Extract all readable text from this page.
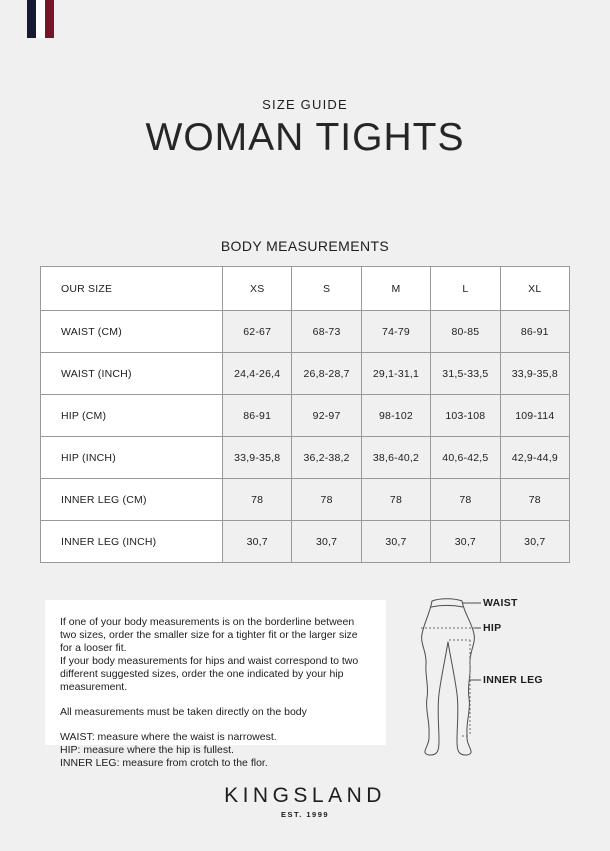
SIZE GUIDE
WOMAN TIGHTS
BODY MEASUREMENTS
OUR SIZE	XS	S	M	L	XL
WAIST (CM)	62-67	68-73	74-79	80-85	86-91
WAIST (INCH)	24,4-26,4	26,8-28,7	29,1-31,1	31,5-33,5	33,9-35,8
HIP (CM)	86-91	92-97	98-102	103-108	109-114
HIP (INCH)	33,9-35,8	36,2-38,2	38,6-40,2	40,6-42,5	42,9-44,9
INNER LEG (CM)	78	78	78	78	78
INNER LEG (INCH)	30,7	30,7	30,7	30,7	30,7

If one of your body measurements is on the borderline between two sizes, order the smaller size for a tighter fit or the larger size for a looser fit.

If your body measurements for hips and waist correspond to two different suggested sizes, order the one indicated by your hip measurement.

All measurements must be taken directly on the body

WAIST: measure where the waist is narrowest.

HIP: measure where the hip is fullest.

INNER LEG: measure from crotch to the flor.

WAIST
HIP
INNER LEG
KINGSLAND
EST. 1999
